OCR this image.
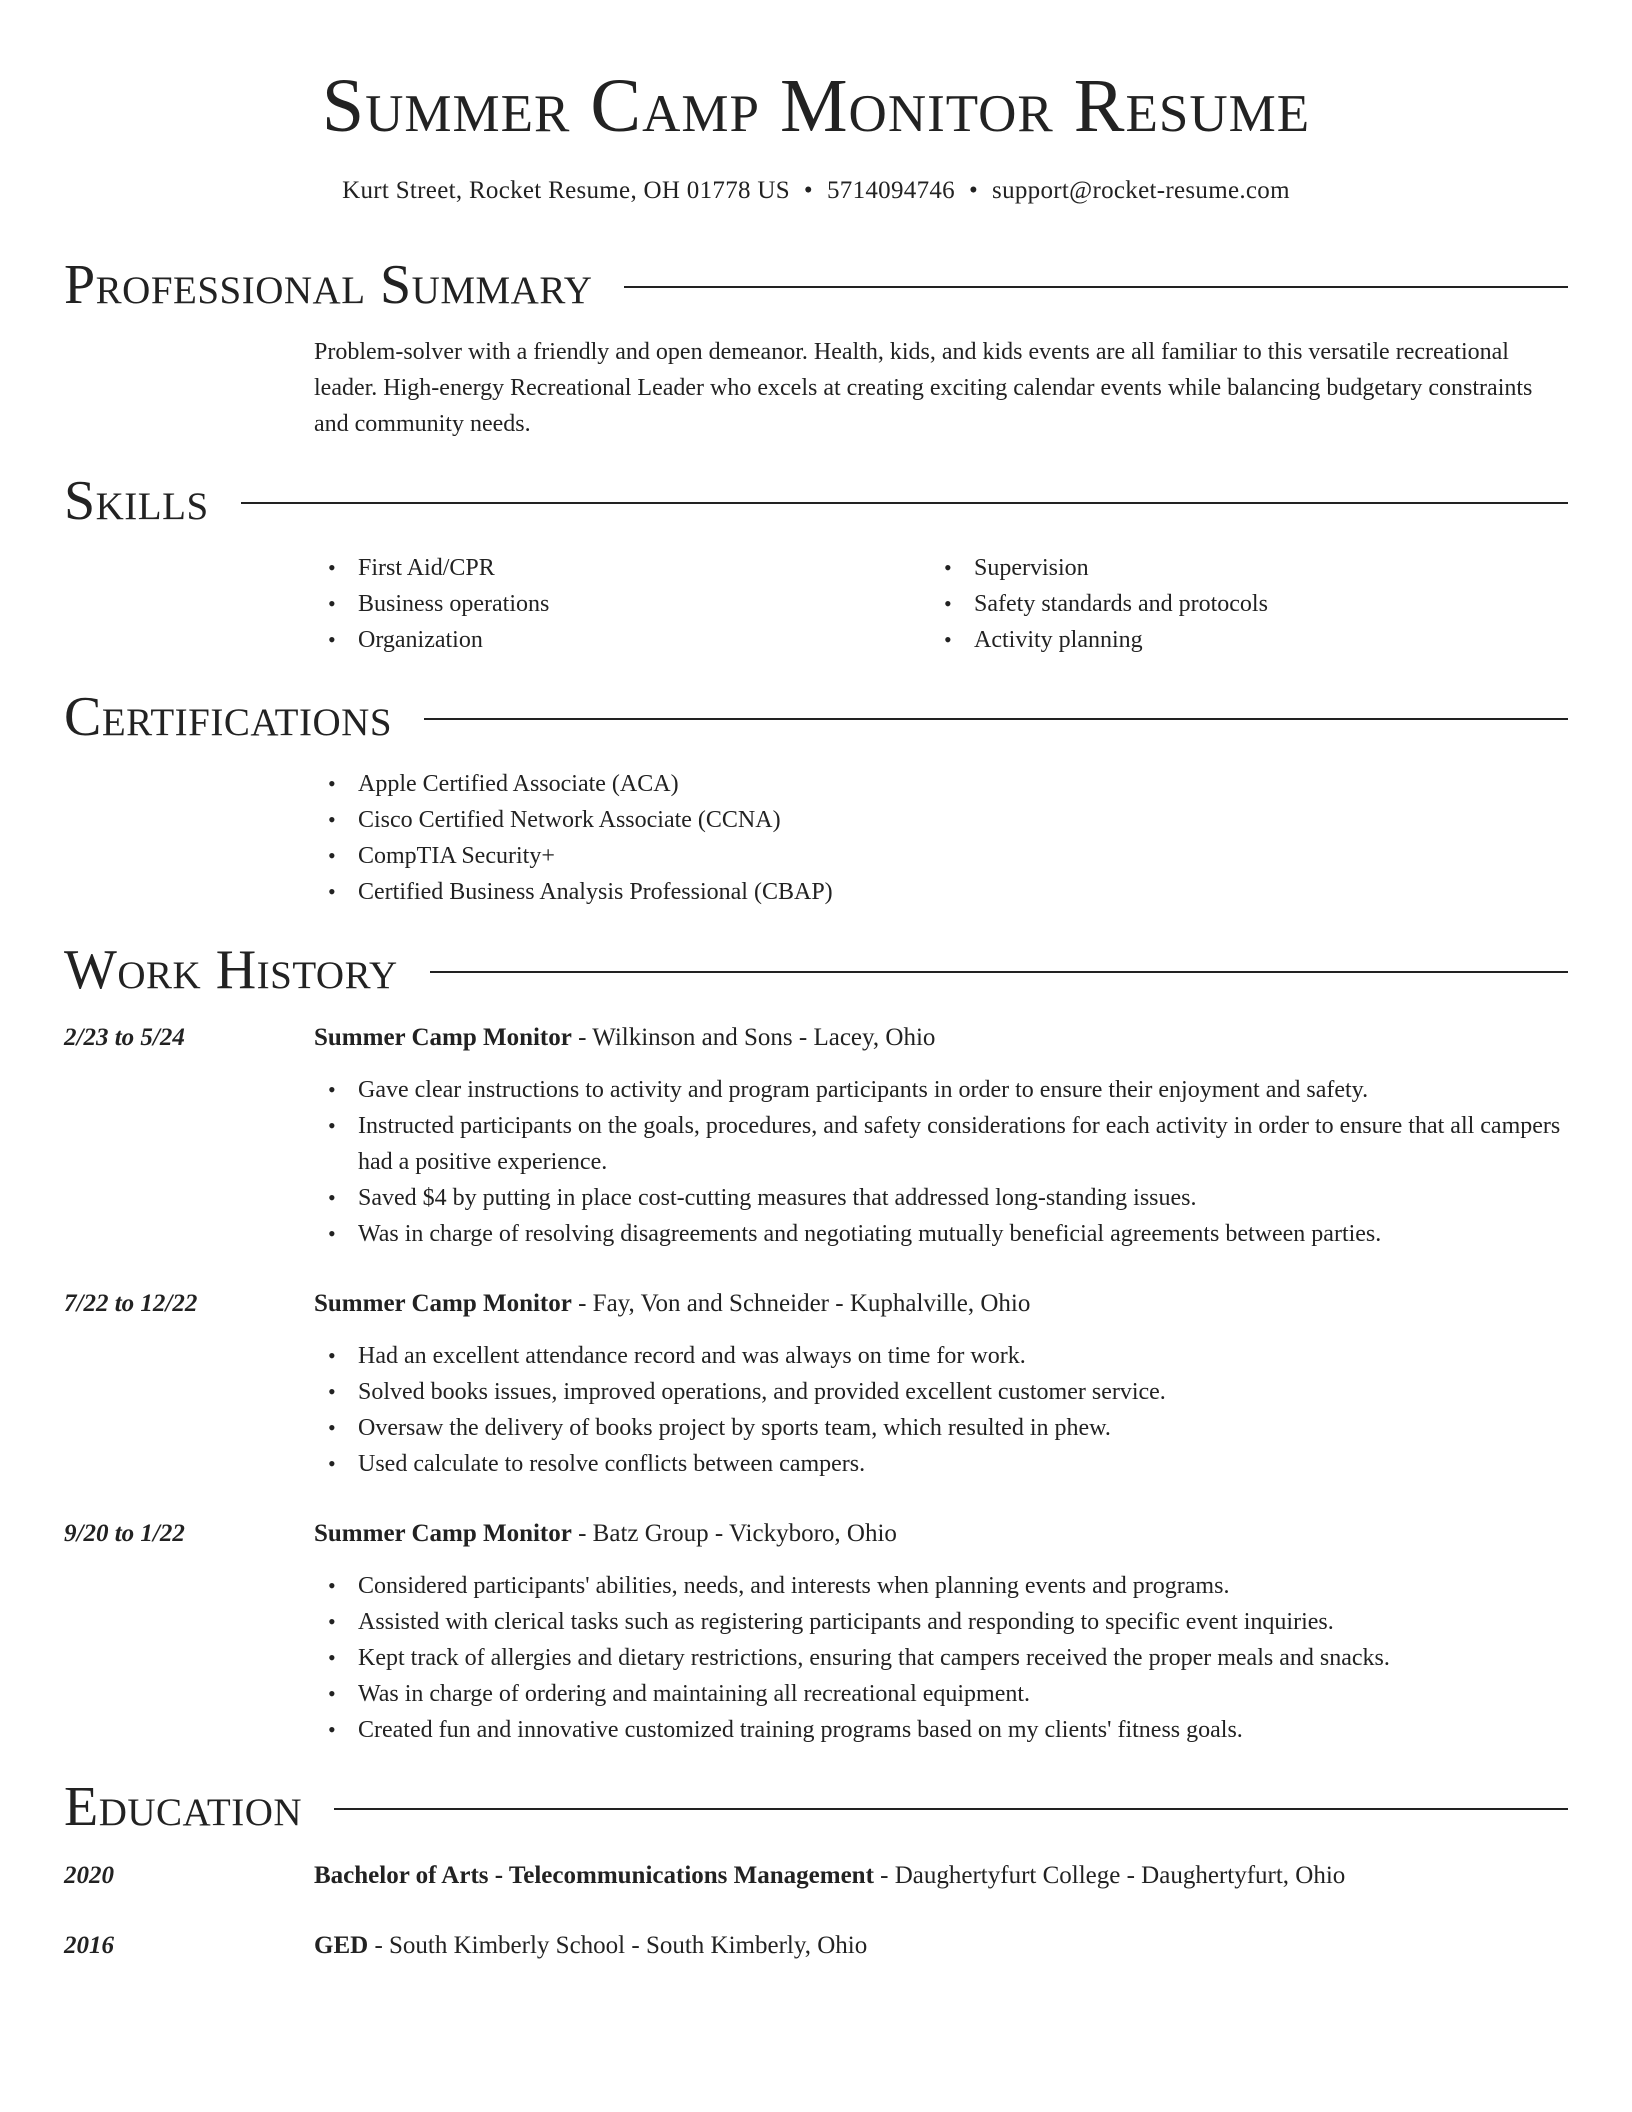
Summer Camp Monitor Resume
Kurt Street, Rocket Resume, OH 01778 US • 5714094746 • support@rocket-resume.com
Professional Summary

Problem-solver with a friendly and open demeanor. Health, kids, and kids events are all familiar to this versatile recreational leader. High-energy Recreational Leader who excels at creating exciting calendar events while balancing budgetary constraints and community needs.

Skills
• First Aid/CPR
• Business operations
• Organization
• Supervision
• Safety standards and protocols
• Activity planning
Certifications
• Apple Certified Associate (ACA)
• Cisco Certified Network Associate (CCNA)
• CompTIA Security+
• Certified Business Analysis Professional (CBAP)
Work History
2/23 to 5/24	Summer Camp Monitor - Wilkinson and Sons - Lacey, Ohio
• Gave clear instructions to activity and program participants in order to ensure their enjoyment and safety.
• Instructed participants on the goals, procedures, and safety considerations for each activity in order to ensure that all campers had a positive experience.
• Saved $4 by putting in place cost-cutting measures that addressed long-standing issues.
• Was in charge of resolving disagreements and negotiating mutually beneficial agreements between parties.
7/22 to 12/22	Summer Camp Monitor - Fay, Von and Schneider - Kuphalville, Ohio
• Had an excellent attendance record and was always on time for work.
• Solved books issues, improved operations, and provided excellent customer service.
• Oversaw the delivery of books project by sports team, which resulted in phew.
• Used calculate to resolve conflicts between campers.
9/20 to 1/22	Summer Camp Monitor - Batz Group - Vickyboro, Ohio
• Considered participants' abilities, needs, and interests when planning events and programs.
• Assisted with clerical tasks such as registering participants and responding to specific event inquiries.
• Kept track of allergies and dietary restrictions, ensuring that campers received the proper meals and snacks.
• Was in charge of ordering and maintaining all recreational equipment.
• Created fun and innovative customized training programs based on my clients' fitness goals.
Education
2020	Bachelor of Arts - Telecommunications Management - Daughertyfurt College - Daughertyfurt, Ohio
2016	GED - South Kimberly School - South Kimberly, Ohio
